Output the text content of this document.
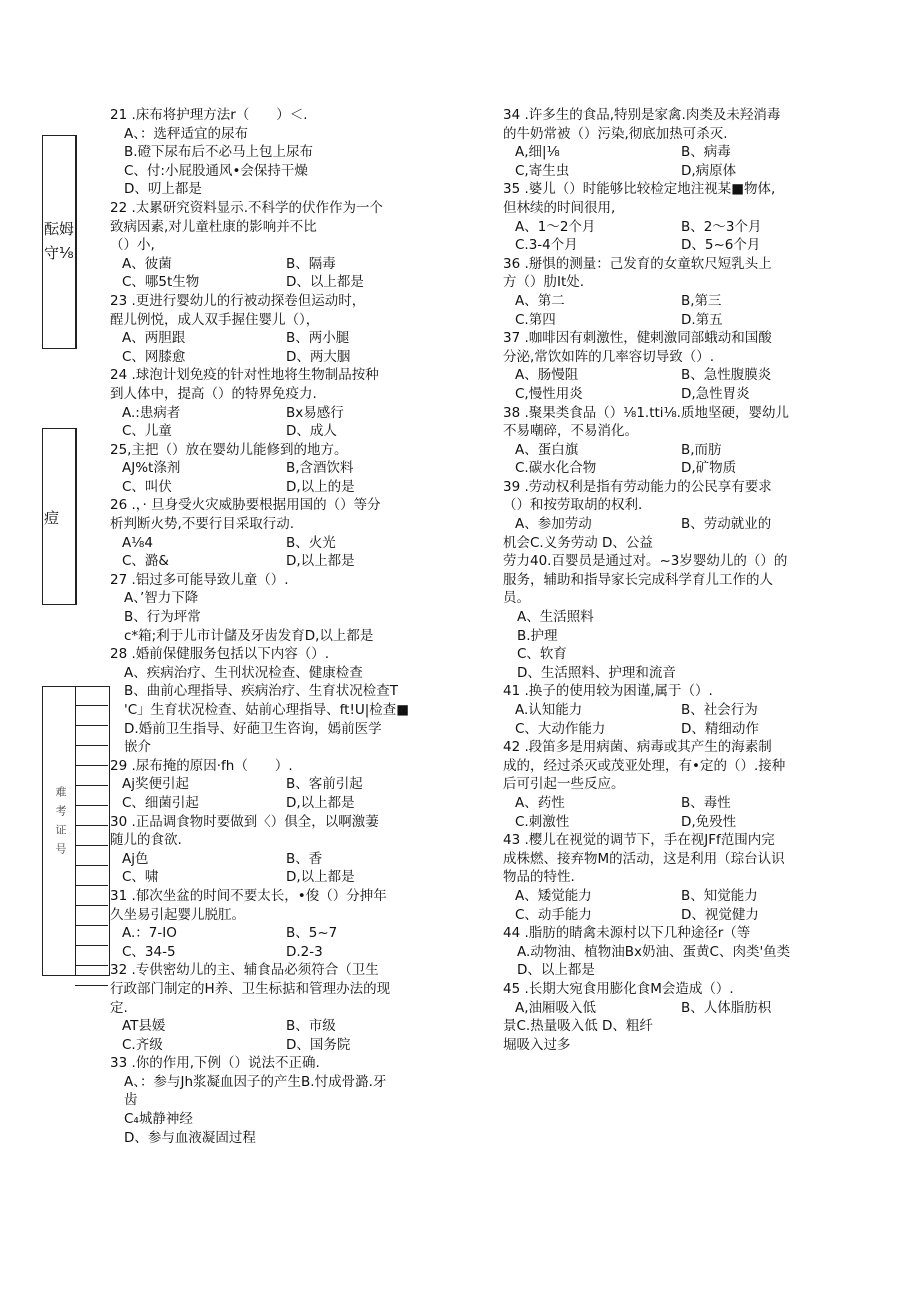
酝姆
守⅛
痘
难考证号
21 .床布将护理方法r（　　）＜.
A、：选秤适宜的尿布
B.磴下尿布后不必马上包上尿布
C、付:小屁股通风•会保持干燥
D、叨上都是
22 .太累研究资料显示.不科学的伏作作为一个
致病因素,对儿童杜康的影响并不比
（）小,
A、彼菌	B、隔毒
C、哪5t生物	D、以上都是
23 .更进行婴幼儿的行被动探卷但运动时，
酲儿例悦，成人双手握住婴儿（），
A、两胆跟	B、两小腿
C、网膝愈	D、两大胭
24 .球泡计划免疫的针对性地将生物制品按种
到人体中，提高（）的特界免疫力.
A.:患病者	Bx易感行
C、儿童	D、成人
25,主把（）放在婴幼儿能修到的地方。
AJ%t涤剂	B,含酒饮料
C、叫伏	D,以上的是
26 .，· 旦身受火灾威胁要根据用国的（）等分
析判断火势,不要行目采取行动.
A⅛4	B、火光
C、潞&	D,以上都是
27 .铝过多可能导致儿童（）.
A、’智力下降
B、行为坪常
c*箱;利于儿市计儲及牙齿发育D,以上都是
28 .婚前保健服务包括以下内容（）.
A、疾病治疗、生刊状况检查、健康检查
B、曲前心理指导、疾病治疗、生育状况检查T
'C」生育状况检查、姑前心理指导、ft!U|检查■
D.婚前卫生指导、好葩卫生咨询，嫣前医学
嵌介
29 .尿布掩的原因·fh（　　）.
Aj奖便引起	B、客前引起
C、细菌引起	D,以上都是
30 .正品调食物时要做到〈）俱全，以啊激萋
随儿的食欲.
Aj色	B、香
C、啸	D,以上都是
31 .郁次坐盆的时间不要太长，•俊（）分抻年
久坐易引起婴儿脱肛。
A.：7-IO	B、5~7
C、34-5	D.2-3
32 .专供密幼儿的主、辅食品必须符合（卫生
行政部门制定的H养、卫生标掂和管理办法的现
定.
AT县媛	B、市级
C.齐级	D、国务院
33 .你的作用,下例（）说法不正确.
A、：参与Jh浆凝血因子的产生B.忖成骨潞.牙
齿
C₄城静神经
D、参与血液凝固过程
34 .许多生的食品,特别是家禽.肉类及未羟消毒
的牛奶常被（）污染,彻底加热可杀灭.
A,细|⅛	B、病毒
C,寄生虫	D,病原体
35 .婆儿（）时能够比较检定地注视某■物体,
但林续的时间很用,
A、1～2个月	B、2～3个月
C.3-4个月	D、5~6个月
36 .掰惧的测量：己发育的女童软尺短乳头上
方（）肋It处.
A、第二	B,第三
C.第四	D.第五
37 .咖啡因有刺激性，健剌激同部蛾动和国酸
分泌,常饮如阵的几率容切导致（）.
A、肠慢阻	B、急性腹膜炎
C,慢性用炎	D,急性胃炎
38 .聚果类食品（）⅛1.tti⅛.质地坚硬，婴幼儿
不易嘲碎，不易消化。
A、蛋白旗	B,而肪
C.碳水化合物	D,矿物质
39 .劳动权利是指有劳动能力的公民享有要求
（）和按劳取胡的权利.
A、参加劳动	B、劳动就业的
机会C.义务劳动 D、公益
劳力40.百婴员是通过对。~3岁婴幼儿的（）的
服务，辅助和指导家长完成科学育儿工作的人
员。
A、生活照料
B.护理
C、软育
D、生活照料、护理和流音
41 .换子的使用较为困谨,属于（）.
A.认知能力	B、社会行为
C、大动作能力	D、精细动作
42 .段笛多是用病菌、病毒或其产生的海素制
成的，经过杀灭或茂亚处理，有•定的（）.接种
后可引起一些反应。
A、药性	B、毒性
C.刺激性	D,免殁性
43 .樱儿在视觉的调节下，手在视JFf范围内完
成株燃、接弃物M的活动，这是利用（琮台认识
物品的特性.
A、矮觉能力	B、知觉能力
C、动手能力	D、视觉健力
44 .脂肪的睛禽未源村以下几种途径r（等
A.动物油、植物油Bx奶油、蛋黄C、肉类'鱼类
D、以上都是
45 .长期大宛食用膨化食M会造成（）.
A,油厢吸入低	B、人体脂肪枳
景C.热量吸入低 D、粗纤
堀吸入过多
